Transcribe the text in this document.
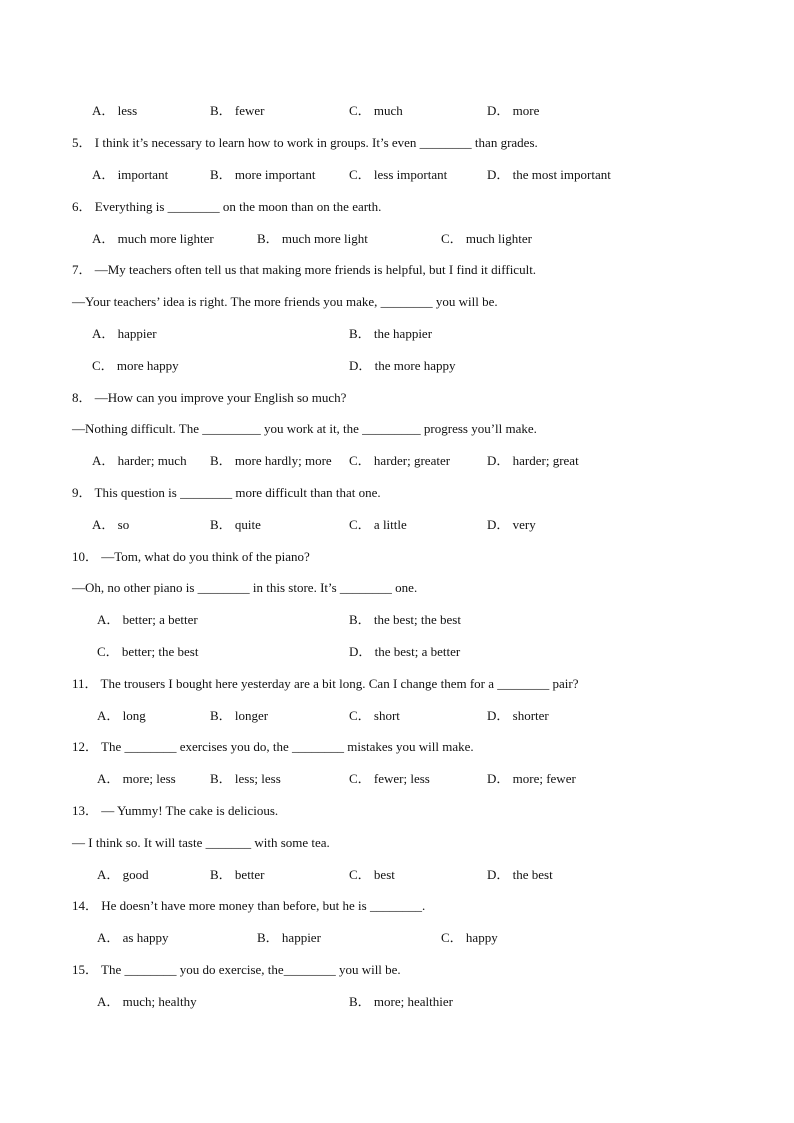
A． less	B． fewer	C． much	D． more
5． I think it’s necessary to learn how to work in groups. It’s even ________ than grades.
A． important	B． more important	C． less important	D． the most important
6． Everything is ________ on the moon than on the earth.
A． much more lighter	B． much more light	C． much lighter
7． —My teachers often tell us that making more friends is helpful, but I find it difficult.
—Your teachers’ idea is right. The more friends you make, ________ you will be.
A． happier	B． the happier
C． more happy	D． the more happy
8． —How can you improve your English so much?
—Nothing difficult. The _________ you work at it, the _________ progress you’ll make.
A． harder; much B． more hardly; more C． harder; greater	D． harder; great
9． This question is ________ more difficult than that one.
A． so	B． quite	C． a little	D． very
10． —Tom, what do you think of the piano?
—Oh, no other piano is ________ in this store. It’s ________ one.
A． better; a better	B． the best; the best
C． better; the best	D． the best; a better
11． The trousers I bought here yesterday are a bit long. Can I change them for a ________ pair?
A． long	B． longer	C． short	D． shorter
12． The ________ exercises you do, the ________ mistakes you will make.
A． more; less	B． less; less	C． fewer; less	D． more; fewer
13． — Yummy! The cake is delicious.
— I think so. It will taste _______ with some tea.
A． good	B． better	C． best	D． the best
14． He doesn’t have more money than before, but he is ________.
A． as happy	B． happier	C． happy
15． The ________ you do exercise, the________ you will be.
A． much; healthy	B． more; healthier
